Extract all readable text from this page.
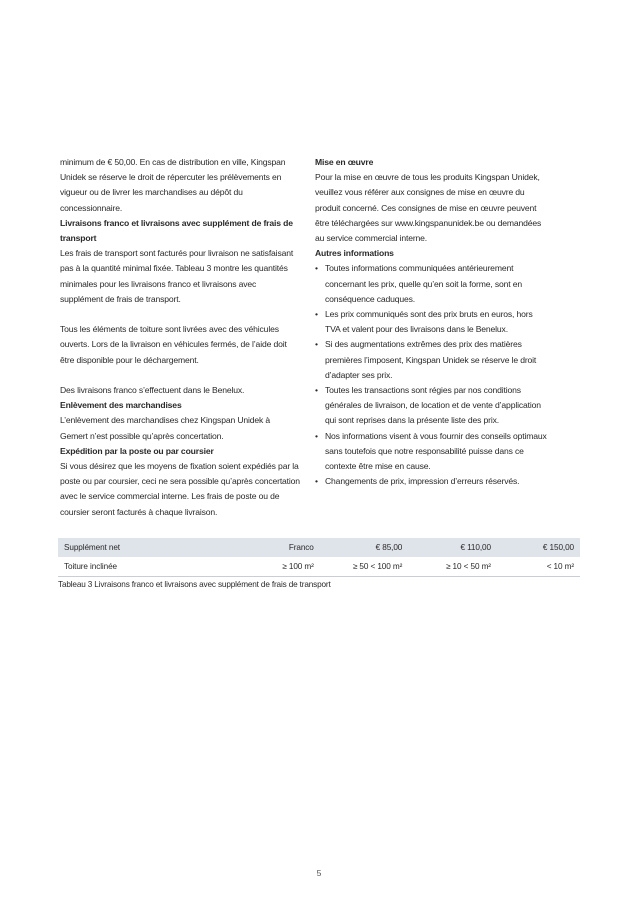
minimum de € 50,00. En cas de distribution en ville, Kingspan Unidek se réserve le droit de répercuter les prélèvements en vigueur ou de livrer les marchandises au dépôt du concessionnaire.

Livraisons franco et livraisons avec supplément de frais de transport

Les frais de transport sont facturés pour livraison ne satisfaisant pas à la quantité minimal fixée. Tableau 3 montre les quantités minimales pour les livraisons franco et livraisons avec supplément de frais de transport.

Tous les éléments de toiture sont livrées avec des véhicules ouverts. Lors de la livraison en véhicules fermés, de l’aide doit être disponible pour le déchargement.

Des livraisons franco s’effectuent dans le Benelux.

Enlèvement des marchandises

L’enlèvement des marchandises chez Kingspan Unidek à Gemert n’est possible qu’après concertation.

Expédition par la poste ou par coursier

Si vous désirez que les moyens de fixation soient expédiés par la poste ou par coursier, ceci ne sera possible qu’après concertation avec le service commercial interne. Les frais de poste ou de coursier seront facturés à chaque livraison.

Mise en œuvre

Pour la mise en œuvre de tous les produits Kingspan Unidek, veuillez vous référer aux consignes de mise en œuvre du produit concerné. Ces consignes de mise en œuvre peuvent être téléchargées sur www.kingspanunidek.be ou demandées au service commercial interne.

Autres informations

• Toutes informations communiquées antérieurement concernant les prix, quelle qu’en soit la forme, sont en conséquence caduques.
• Les prix communiqués sont des prix bruts en euros, hors TVA et valent pour des livraisons dans le Benelux.
• Si des augmentations extrêmes des prix des matières premières l’imposent, Kingspan Unidek se réserve le droit d’adapter ses prix.
• Toutes les transactions sont régies par nos conditions générales de livraison, de location et de vente d’application qui sont reprises dans la présente liste des prix.
• Nos informations visent à vous fournir des conseils optimaux sans toutefois que notre responsabilité puisse dans ce contexte être mise en cause.
• Changements de prix, impression d’erreurs réservés.
Supplément net	Franco	€ 85,00	€ 110,00	€ 150,00
Toiture inclinée	≥ 100 m²	≥ 50 < 100 m²	≥ 10 < 50 m²	< 10 m²
Tableau 3 Livraisons franco et livraisons avec supplément de frais de transport
5
